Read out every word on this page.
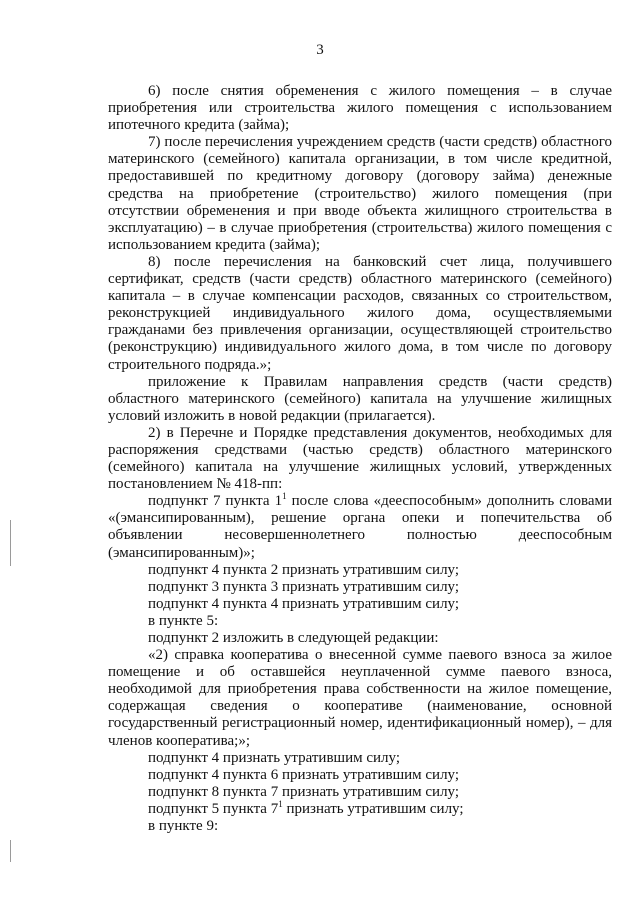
3

6) после снятия обременения с жилого помещения – в случае приобретения или строительства жилого помещения с использованием ипотечного кредита (займа);

7) после перечисления учреждением средств (части средств) областного материнского (семейного) капитала организации, в том числе кредитной, предоставившей по кредитному договору (договору займа) денежные средства на приобретение (строительство) жилого помещения (при отсутствии обременения и при вводе объекта жилищного строительства в эксплуатацию) – в случае приобретения (строительства) жилого помещения с использованием кредита (займа);

8) после перечисления на банковский счет лица, получившего сертификат, средств (части средств) областного материнского (семейного) капитала – в случае компенсации расходов, связанных со строительством, реконструкцией индивидуального жилого дома, осуществляемыми гражданами без привлечения организации, осуществляющей строительство (реконструкцию) индивидуального жилого дома, в том числе по договору строительного подряда.»;

приложение к Правилам направления средств (части средств) областного материнского (семейного) капитала на улучшение жилищных условий изложить в новой редакции (прилагается).

2) в Перечне и Порядке представления документов, необходимых для распоряжения средствами (частью средств) областного материнского (семейного) капитала на улучшение жилищных условий, утвержденных постановлением № 418-пп:

подпункт 7 пункта $1^1$ после слова «дееспособным» дополнить словами «(эмансипированным), решение органа опеки и попечительства об объявлении несовершеннолетнего полностью дееспособным (эмансипированным)»;

подпункт 4 пункта 2 признать утратившим силу;

подпункт 3 пункта 3 признать утратившим силу;

подпункт 4 пункта 4 признать утратившим силу;

в пункте 5:

подпункт 2 изложить в следующей редакции:

«2) справка кооператива о внесенной сумме паевого взноса за жилое помещение и об оставшейся неуплаченной сумме паевого взноса, необходимой для приобретения права собственности на жилое помещение, содержащая сведения о кооперативе (наименование, основной государственный регистрационный номер, идентификационный номер), – для членов кооператива;»;

подпункт 4 признать утратившим силу;

подпункт 4 пункта 6 признать утратившим силу;

подпункт 8 пункта 7 признать утратившим силу;

подпункт 5 пункта $7^1$ признать утратившим силу;

в пункте 9:
